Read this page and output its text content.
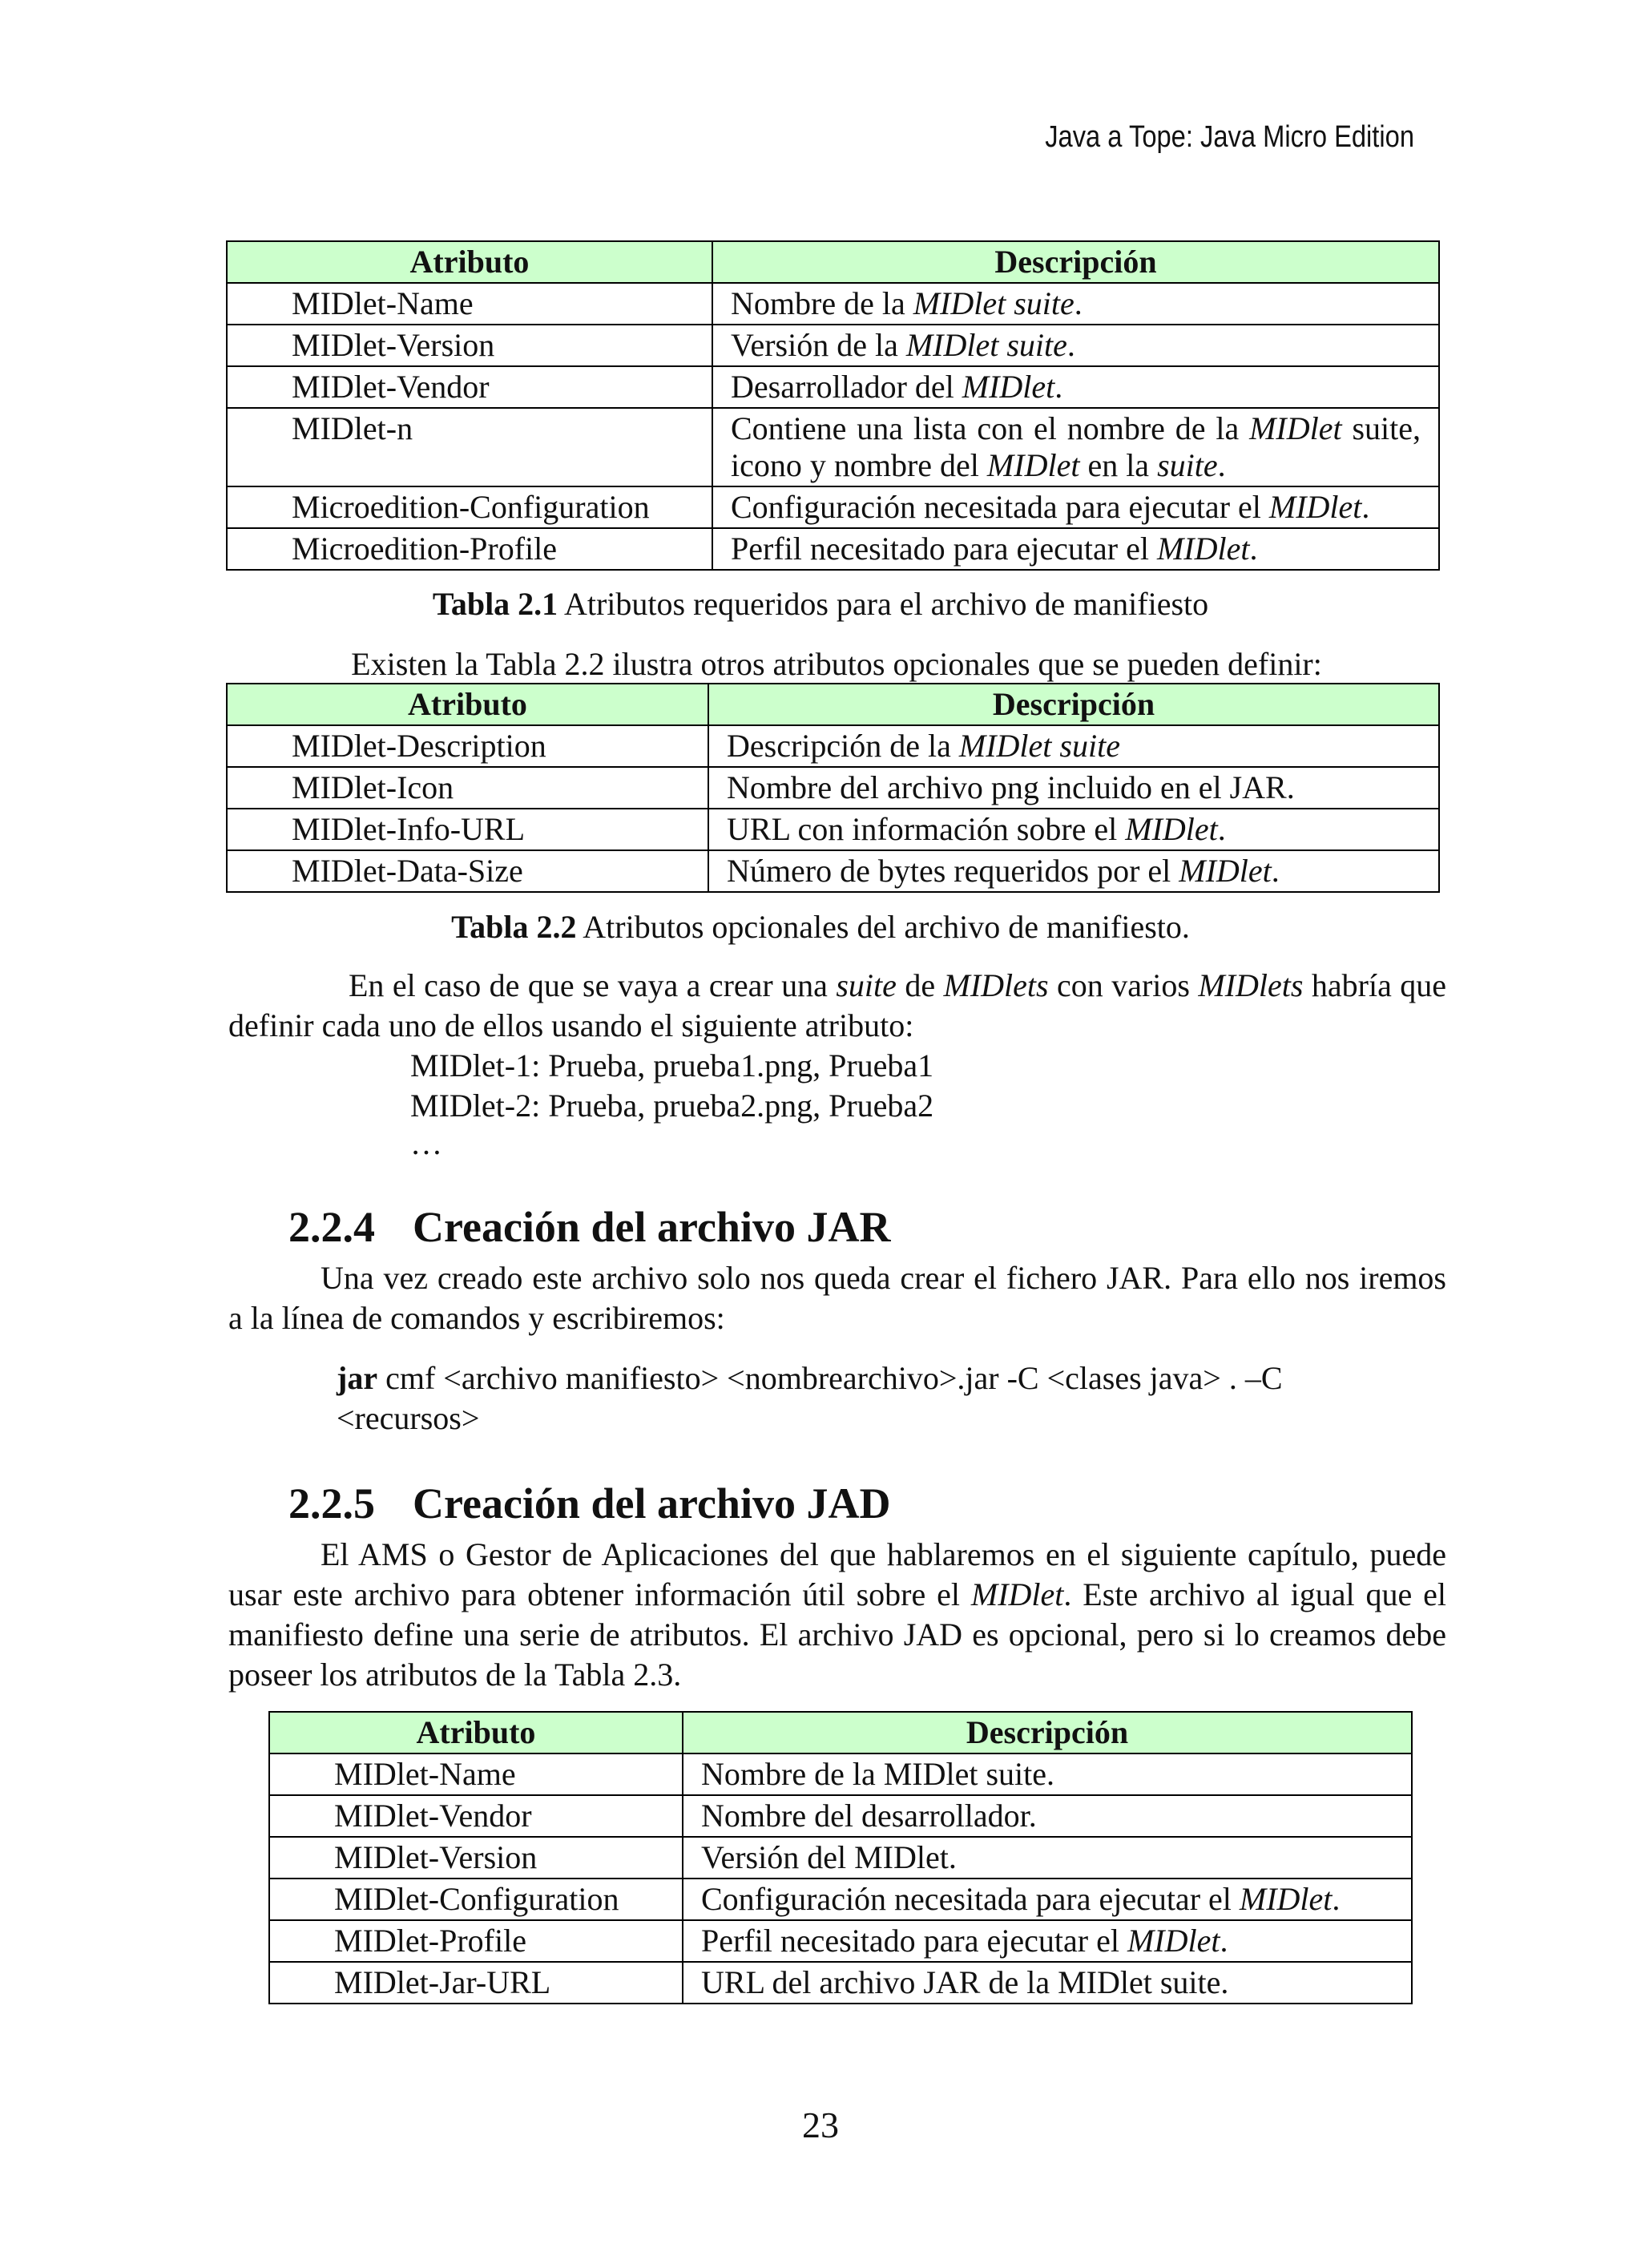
Java a Tope: Java Micro Edition
Atributo	Descripción
MIDlet-Name	Nombre de la MIDlet suite.
MIDlet-Version	Versión de la MIDlet suite.
MIDlet-Vendor	Desarrollador del MIDlet.
MIDlet-n	Contiene una lista con el nombre de la MIDlet suite, icono y nombre del MIDlet en la suite.
Microedition-Configuration	Configuración necesitada para ejecutar el MIDlet.
Microedition-Profile	Perfil necesitado para ejecutar el MIDlet.
Tabla 2.1 Atributos requeridos para el archivo de manifiesto
Existen la Tabla 2.2 ilustra otros atributos opcionales que se pueden definir:
Atributo	Descripción
MIDlet-Description	Descripción de la MIDlet suite
MIDlet-Icon	Nombre del archivo png incluido en el JAR.
MIDlet-Info-URL	URL con información sobre el MIDlet.
MIDlet-Data-Size	Número de bytes requeridos por el MIDlet.
Tabla 2.2 Atributos opcionales del archivo de manifiesto.
En el caso de que se vaya a crear una suite de MIDlets con varios MIDlets habría que definir cada uno de ellos usando el siguiente atributo:
MIDlet-1: Prueba, prueba1.png, Prueba1
MIDlet-2: Prueba, prueba2.png, Prueba2
…
2.2.4 Creación del archivo JAR
Una vez creado este archivo solo nos queda crear el fichero JAR. Para ello nos iremos a la línea de comandos y escribiremos:
jar cmf <archivo manifiesto> <nombrearchivo>.jar -C <clases java> . –C <recursos>
2.2.5 Creación del archivo JAD
El AMS o Gestor de Aplicaciones del que hablaremos en el siguiente capítulo, puede usar este archivo para obtener información útil sobre el MIDlet. Este archivo al igual que el manifiesto define una serie de atributos. El archivo JAD es opcional, pero si lo creamos debe poseer los atributos de la Tabla 2.3.
Atributo	Descripción
MIDlet-Name	Nombre de la MIDlet suite.
MIDlet-Vendor	Nombre del desarrollador.
MIDlet-Version	Versión del MIDlet.
MIDlet-Configuration	Configuración necesitada para ejecutar el MIDlet.
MIDlet-Profile	Perfil necesitado para ejecutar el MIDlet.
MIDlet-Jar-URL	URL del archivo JAR de la MIDlet suite.
23
